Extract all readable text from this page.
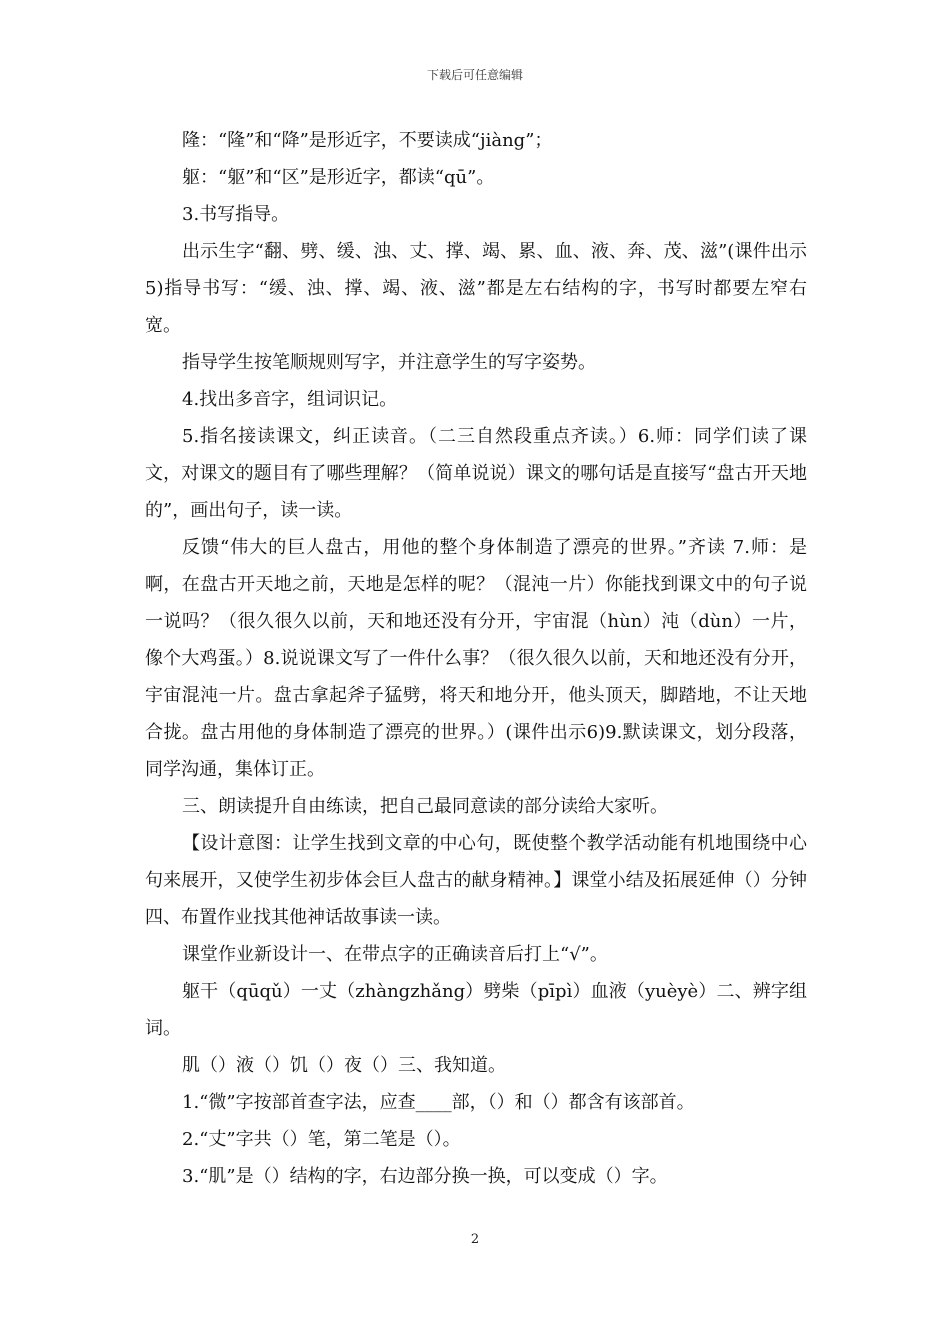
下载后可任意编辑

隆：“隆”和“降”是形近字，不要读成“jiàng”；

躯：“躯”和“区”是形近字，都读“qū”。

3.书写指导。

出示生字“翻、劈、缓、浊、丈、撑、竭、累、血、液、奔、茂、滋”(课件出示5)指导书写：“缓、浊、撑、竭、液、滋”都是左右结构的字，书写时都要左窄右宽。

指导学生按笔顺规则写字，并注意学生的写字姿势。

4.找出多音字，组词识记。

5.指名接读课文，纠正读音。（二三自然段重点齐读。）6.师：同学们读了课文，对课文的题目有了哪些理解？（简单说说）课文的哪句话是直接写“盘古开天地的”，画出句子，读一读。

反馈“伟大的巨人盘古，用他的整个身体制造了漂亮的世界。”齐读 7.师：是啊，在盘古开天地之前，天地是怎样的呢？（混沌一片）你能找到课文中的句子说一说吗？（很久很久以前，天和地还没有分开，宇宙混（hùn）沌（dùn）一片，像个大鸡蛋。）8.说说课文写了一件什么事？（很久很久以前，天和地还没有分开，宇宙混沌一片。盘古拿起斧子猛劈，将天和地分开，他头顶天，脚踏地，不让天地合拢。盘古用他的身体制造了漂亮的世界。）(课件出示6)9.默读课文，划分段落，同学沟通，集体订正。

三、朗读提升自由练读，把自己最同意读的部分读给大家听。

【设计意图：让学生找到文章的中心句，既使整个教学活动能有机地围绕中心句来展开，又使学生初步体会巨人盘古的献身精神。】课堂小结及拓展延伸（）分钟四、布置作业找其他神话故事读一读。

课堂作业新设计一、在带点字的正确读音后打上“√”。

躯干（qūqǔ）一丈（zhàngzhǎng）劈柴（pīpì）血液（yuèyè）二、辨字组词。

肌（）液（）饥（）夜（）三、我知道。

1.“微”字按部首查字法，应查____部，（）和（）都含有该部首。

2.“丈”字共（）笔，第二笔是（）。

3.“肌”是（）结构的字，右边部分换一换，可以变成（）字。

2
